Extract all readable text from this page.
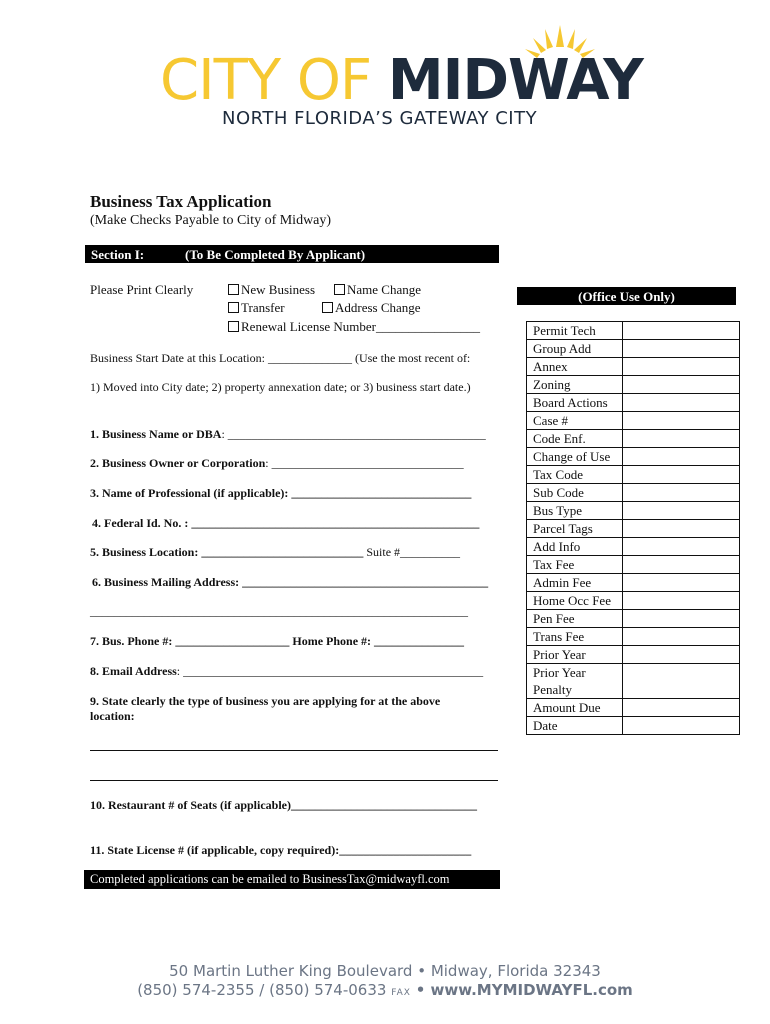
CITY OF MIDWAY
NORTH FLORIDA’S GATEWAY CITY
Business Tax Application
(Make Checks Payable to City of Midway)
Section I:	(To Be Completed By Applicant)
Please Print Clearly	New Business	Name Change
Transfer	Address Change
Renewal License Number________________
Business Start Date at this Location: ______________ (Use the most recent of:
1) Moved into City date; 2) property annexation date; or 3) business start date.)
1. Business Name or DBA: ___________________________________________
2. Business Owner or Corporation: ________________________________
3. Name of Professional (if applicable): ______________________________
4. Federal Id. No. : ________________________________________________
5. Business Location: ___________________________ Suite #__________
6. Business Mailing Address: _________________________________________
_______________________________________________________________
7. Bus. Phone #: ___________________ Home Phone #: _______________
8. Email Address: __________________________________________________
9. State clearly the type of business you are applying for at the above
location:
10. Restaurant # of Seats (if applicable)_______________________________
11. State License # (if applicable, copy required):______________________
Completed applications can be emailed to BusinessTax@midwayfl.com
(Office Use Only)
Permit Tech	
Group Add	
Annex	
Zoning	
Board Actions	
Case #	
Code Enf.	
Change of Use	
Tax Code	
Sub Code	
Bus Type	
Parcel Tags	
Add Info	
Tax Fee	
Admin Fee	
Home Occ Fee	
Pen Fee	
Trans Fee	
Prior Year	
Prior Year Penalty	
Amount Due	
Date	
50 Martin Luther King Boulevard • Midway, Florida 32343
(850) 574-2355 / (850) 574-0633 FAX • www.MYMIDWAYFL.com
